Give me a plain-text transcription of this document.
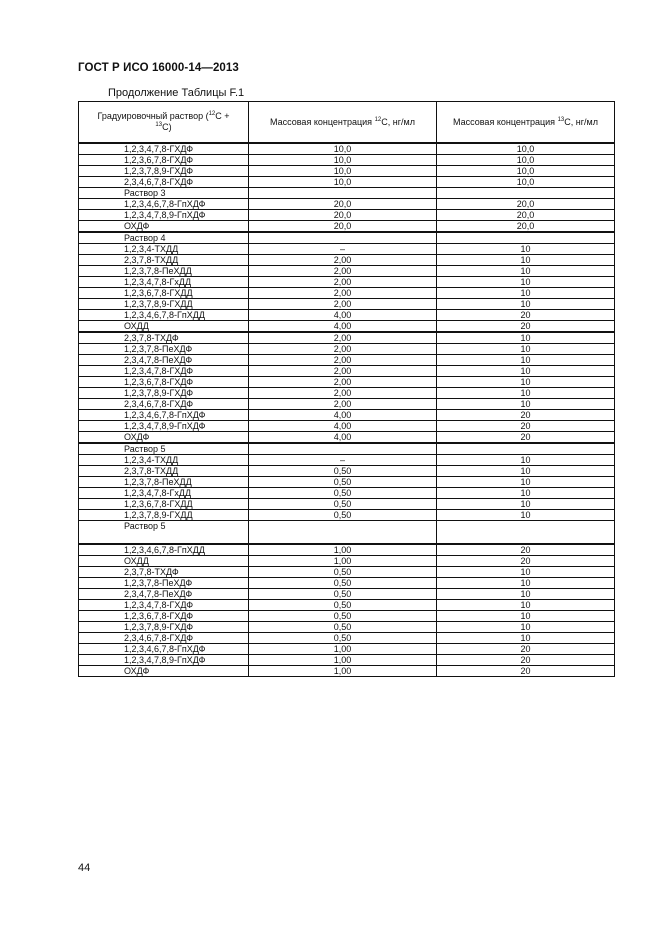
ГОСТ Р ИСО 16000-14—2013
Продолжение Таблицы F.1
Градуировочный раствор ($^{12}$C +
$^{13}$C)	Массовая концентрация $^{12}$C, нг/мл	Массовая концентрация $^{13}$C, нг/мл
1,2,3,4,7,8-ГХДФ	10,0	10,0
1,2,3,6,7,8-ГХДФ	10,0	10,0
1,2,3,7,8,9-ГХДФ	10,0	10,0
2,3,4,6,7,8-ГХДФ	10,0	10,0
Раствор 3		
1,2,3,4,6,7,8-ГпХДФ	20,0	20,0
1,2,3,4,7,8,9-ГпХДФ	20,0	20,0
ОХДФ	20,0	20,0
Раствор 4		
1,2,3,4-ТХДД	–	10
2,3,7,8-ТХДД	2,00	10
1,2,3,7,8-ПеХДД	2,00	10
1,2,3,4,7,8-ГхДД	2,00	10
1,2,3,6,7,8-ГХДД	2,00	10
1,2,3,7,8,9-ГХДД	2,00	10
1,2,3,4,6,7,8-ГпХДД	4,00	20
ОХДД	4,00	20
2,3,7,8-ТХДФ	2,00	10
1,2,3,7,8-ПеХДФ	2,00	10
2,3,4,7,8-ПеХДФ	2,00	10
1,2,3,4,7,8-ГХДФ	2,00	10
1,2,3,6,7,8-ГХДФ	2,00	10
1,2,3,7,8,9-ГХДФ	2,00	10
2,3,4,6,7,8-ГХДФ	2,00	10
1,2,3,4,6,7,8-ГпХДФ	4,00	20
1,2,3,4,7,8,9-ГпХДФ	4,00	20
ОХДФ	4,00	20
Раствор 5		
1,2,3,4-ТХДД	–	10
2,3,7,8-ТХДД	0,50	10
1,2,3,7,8-ПеХДД	0,50	10
1,2,3,4,7,8-ГхДД	0,50	10
1,2,3,6,7,8-ГХДД	0,50	10
1,2,3,7,8,9-ГХДД	0,50	10
Раствор 5		
1,2,3,4,6,7,8-ГпХДД	1,00	20
ОХДД	1,00	20
2,3,7,8-ТХДФ	0,50	10
1,2,3,7,8-ПеХДФ	0,50	10
2,3,4,7,8-ПеХДФ	0,50	10
1,2,3,4,7,8-ГХДФ	0,50	10
1,2,3,6,7,8-ГХДФ	0,50	10
1,2,3,7,8,9-ГХДФ	0,50	10
2,3,4,6,7,8-ГХДФ	0,50	10
1,2,3,4,6,7,8-ГпХДФ	1,00	20
1,2,3,4,7,8,9-ГпХДФ	1,00	20
ОХДФ	1,00	20
44
